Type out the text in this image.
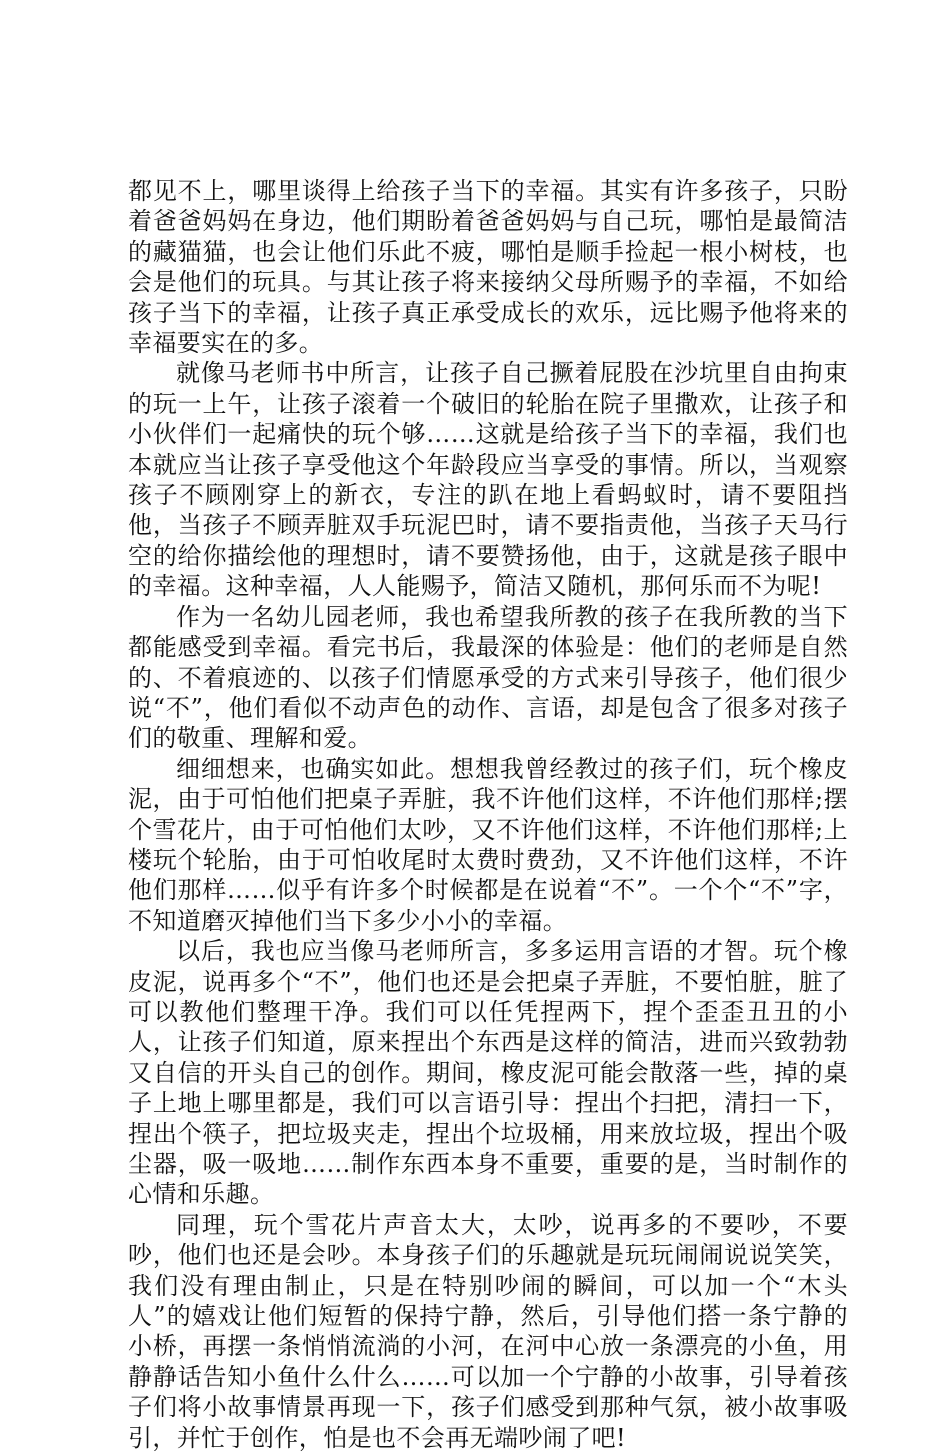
都见不上，哪里谈得上给孩子当下的幸福。其实有许多孩子，只盼着爸爸妈妈在身边，他们期盼着爸爸妈妈与自己玩，哪怕是最简洁的藏猫猫，也会让他们乐此不疲，哪怕是顺手捡起一根小树枝，也会是他们的玩具。与其让孩子将来接纳父母所赐予的幸福，不如给孩子当下的幸福，让孩子真正承受成长的欢乐，远比赐予他将来的幸福要实在的多。

就像马老师书中所言，让孩子自己撅着屁股在沙坑里自由拘束的玩一上午，让孩子滚着一个破旧的轮胎在院子里撒欢，让孩子和小伙伴们一起痛快的玩个够……这就是给孩子当下的幸福，我们也本就应当让孩子享受他这个年龄段应当享受的事情。所以，当观察孩子不顾刚穿上的新衣，专注的趴在地上看蚂蚁时，请不要阻挡他，当孩子不顾弄脏双手玩泥巴时，请不要指责他，当孩子天马行空的给你描绘他的理想时，请不要赞扬他，由于，这就是孩子眼中的幸福。这种幸福，人人能赐予，简洁又随机，那何乐而不为呢!

作为一名幼儿园老师，我也希望我所教的孩子在我所教的当下都能感受到幸福。看完书后，我最深的体验是：他们的老师是自然的、不着痕迹的、以孩子们情愿承受的方式来引导孩子，他们很少说“不”，他们看似不动声色的动作、言语，却是包含了很多对孩子们的敬重、理解和爱。

细细想来，也确实如此。想想我曾经教过的孩子们，玩个橡皮泥，由于可怕他们把桌子弄脏，我不许他们这样，不许他们那样;摆个雪花片，由于可怕他们太吵，又不许他们这样，不许他们那样;上楼玩个轮胎，由于可怕收尾时太费时费劲，又不许他们这样，不许他们那样……似乎有许多个时候都是在说着“不”。一个个“不”字，不知道磨灭掉他们当下多少小小的幸福。

以后，我也应当像马老师所言，多多运用言语的才智。玩个橡皮泥，说再多个“不”，他们也还是会把桌子弄脏，不要怕脏，脏了可以教他们整理干净。我们可以任凭捏两下，捏个歪歪丑丑的小人，让孩子们知道，原来捏出个东西是这样的简洁，进而兴致勃勃又自信的开头自己的创作。期间，橡皮泥可能会散落一些，掉的桌子上地上哪里都是，我们可以言语引导：捏出个扫把，清扫一下，捏出个筷子，把垃圾夹走，捏出个垃圾桶，用来放垃圾，捏出个吸尘器，吸一吸地……制作东西本身不重要，重要的是，当时制作的心情和乐趣。

同理，玩个雪花片声音太大，太吵，说再多的不要吵，不要吵，他们也还是会吵。本身孩子们的乐趣就是玩玩闹闹说说笑笑，我们没有理由制止，只是在特别吵闹的瞬间，可以加一个“木头人”的嬉戏让他们短暂的保持宁静，然后，引导他们搭一条宁静的小桥，再摆一条悄悄流淌的小河，在河中心放一条漂亮的小鱼，用静静话告知小鱼什么什么……可以加一个宁静的小故事，引导着孩子们将小故事情景再现一下，孩子们感受到那种气氛，被小故事吸引，并忙于创作，怕是也不会再无端吵闹了吧!
